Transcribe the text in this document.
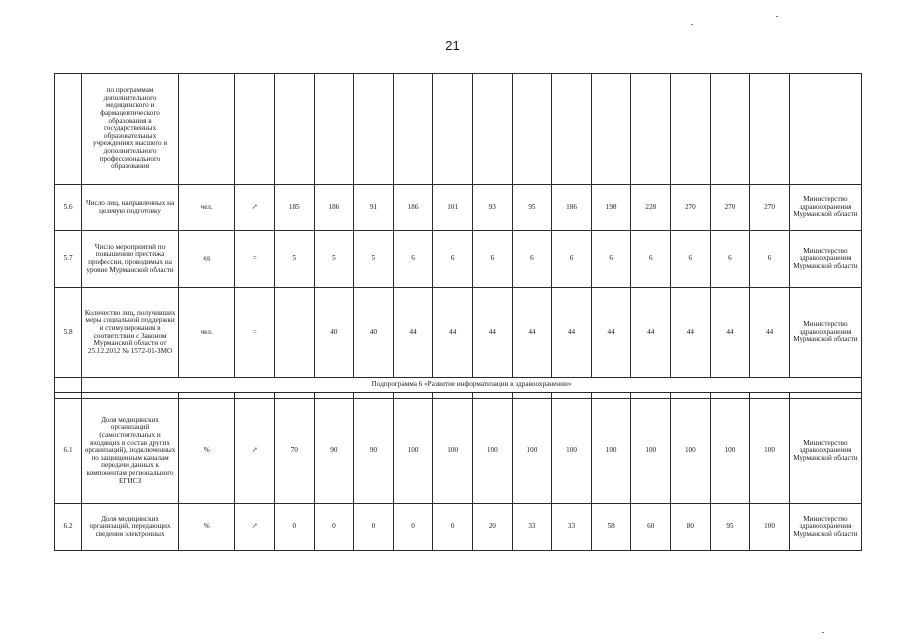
21
	по программам дополнительного медицинского и фармацевтического образования в государственных образовательных учреждениях высшего и дополнительного профессионального образования																
5.6	Число лиц, направленных на целевую подготовку	чел.	↗	185	186	91	186	101	93	95	186	198	228	270	270	270	Министерство здравоохранения Мурманской области
5.7	Число мероприятий по повышению престижа профессии, проводимых на уровне Мурманской области	ед	=	5	5	5	6	6	6	6	6	6	6	6	6	6	Министерство здравоохранения Мурманской области
5.8	Количество лиц, получивших меры социальной поддержки и стимулирования в соответствии с Законом Мурманской области от 25.12.2012 № 1572-01-ЗМО	чел.	=		40	40	44	44	44	44	44	44	44	44	44	44	Министерство здравоохранения Мурманской области
	Подпрограмма 6 «Развитие информатизации в здравоохранении»																

6.1	Доля медицинских организаций (самостоятельных и входящих в состав других организаций), подключенных по защищенным каналам передачи данных к компонентам регионального ЕГИСЗ	%	↗	70	90	90	100	100	100	100	100	100	100	100	100	100	Министерство здравоохранения Мурманской области
6.2	Доля медицинских организаций, передающих сведения электронных	%	↗	0	0	0	0	0	20	33	33	58	60	80	95	100	Министерство здравоохранения Мурманской области
